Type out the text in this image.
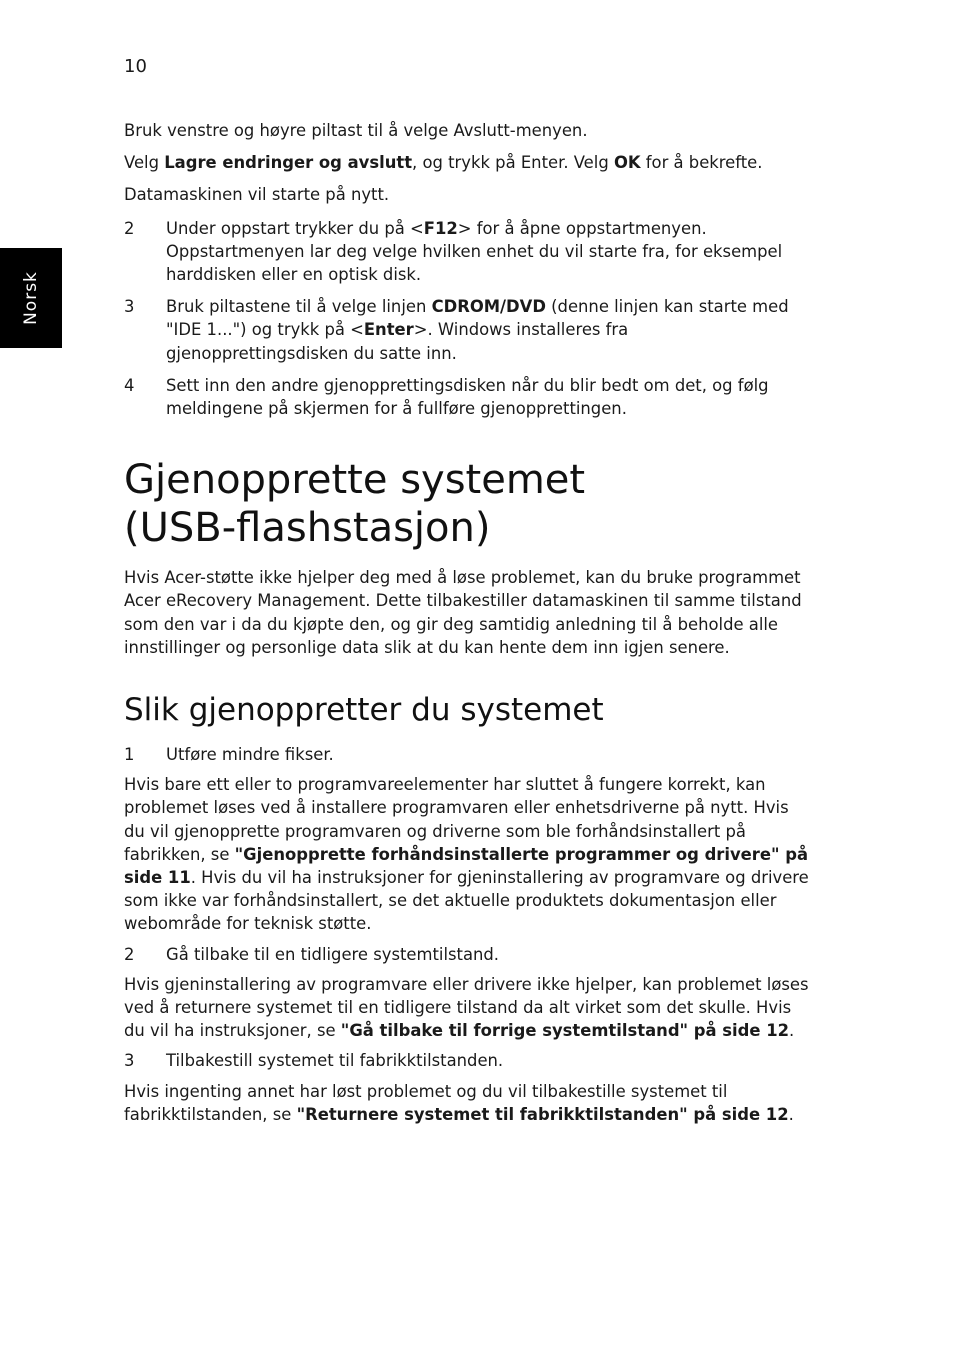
10
Norsk

Bruk venstre og høyre piltast til å velge Avslutt-menyen.

Velg Lagre endringer og avslutt, og trykk på Enter. Velg OK for å bekrefte.

Datamaskinen vil starte på nytt.

2	Under oppstart trykker du på <F12> for å åpne oppstartmenyen. Oppstartmenyen lar deg velge hvilken enhet du vil starte fra, for eksempel harddisken eller en optisk disk.

3	Bruk piltastene til å velge linjen CDROM/DVD (denne linjen kan starte med "IDE 1...") og trykk på <Enter>. Windows installeres fra gjenopprettingsdisken du satte inn.

4	Sett inn den andre gjenopprettingsdisken når du blir bedt om det, og følg meldingene på skjermen for å fullføre gjenopprettingen.

Gjenopprette systemet
(USB-flashstasjon)

Hvis Acer-støtte ikke hjelper deg med å løse problemet, kan du bruke programmet Acer eRecovery Management. Dette tilbakestiller datamaskinen til samme tilstand som den var i da du kjøpte den, og gir deg samtidig anledning til å beholde alle innstillinger og personlige data slik at du kan hente dem inn igjen senere.

Slik gjenoppretter du systemet

1	Utføre mindre fikser.

Hvis bare ett eller to programvareelementer har sluttet å fungere korrekt, kan problemet løses ved å installere programvaren eller enhetsdriverne på nytt. Hvis du vil gjenopprette programvaren og driverne som ble forhåndsinstallert på fabrikken, se "Gjenopprette forhåndsinstallerte programmer og drivere" på side 11. Hvis du vil ha instruksjoner for gjeninstallering av programvare og drivere som ikke var forhåndsinstallert, se det aktuelle produktets dokumentasjon eller webområde for teknisk støtte.

2	Gå tilbake til en tidligere systemtilstand.

Hvis gjeninstallering av programvare eller drivere ikke hjelper, kan problemet løses ved å returnere systemet til en tidligere tilstand da alt virket som det skulle. Hvis du vil ha instruksjoner, se "Gå tilbake til forrige systemtilstand" på side 12.

3	Tilbakestill systemet til fabrikktilstanden.

Hvis ingenting annet har løst problemet og du vil tilbakestille systemet til fabrikktilstanden, se "Returnere systemet til fabrikktilstanden" på side 12.
